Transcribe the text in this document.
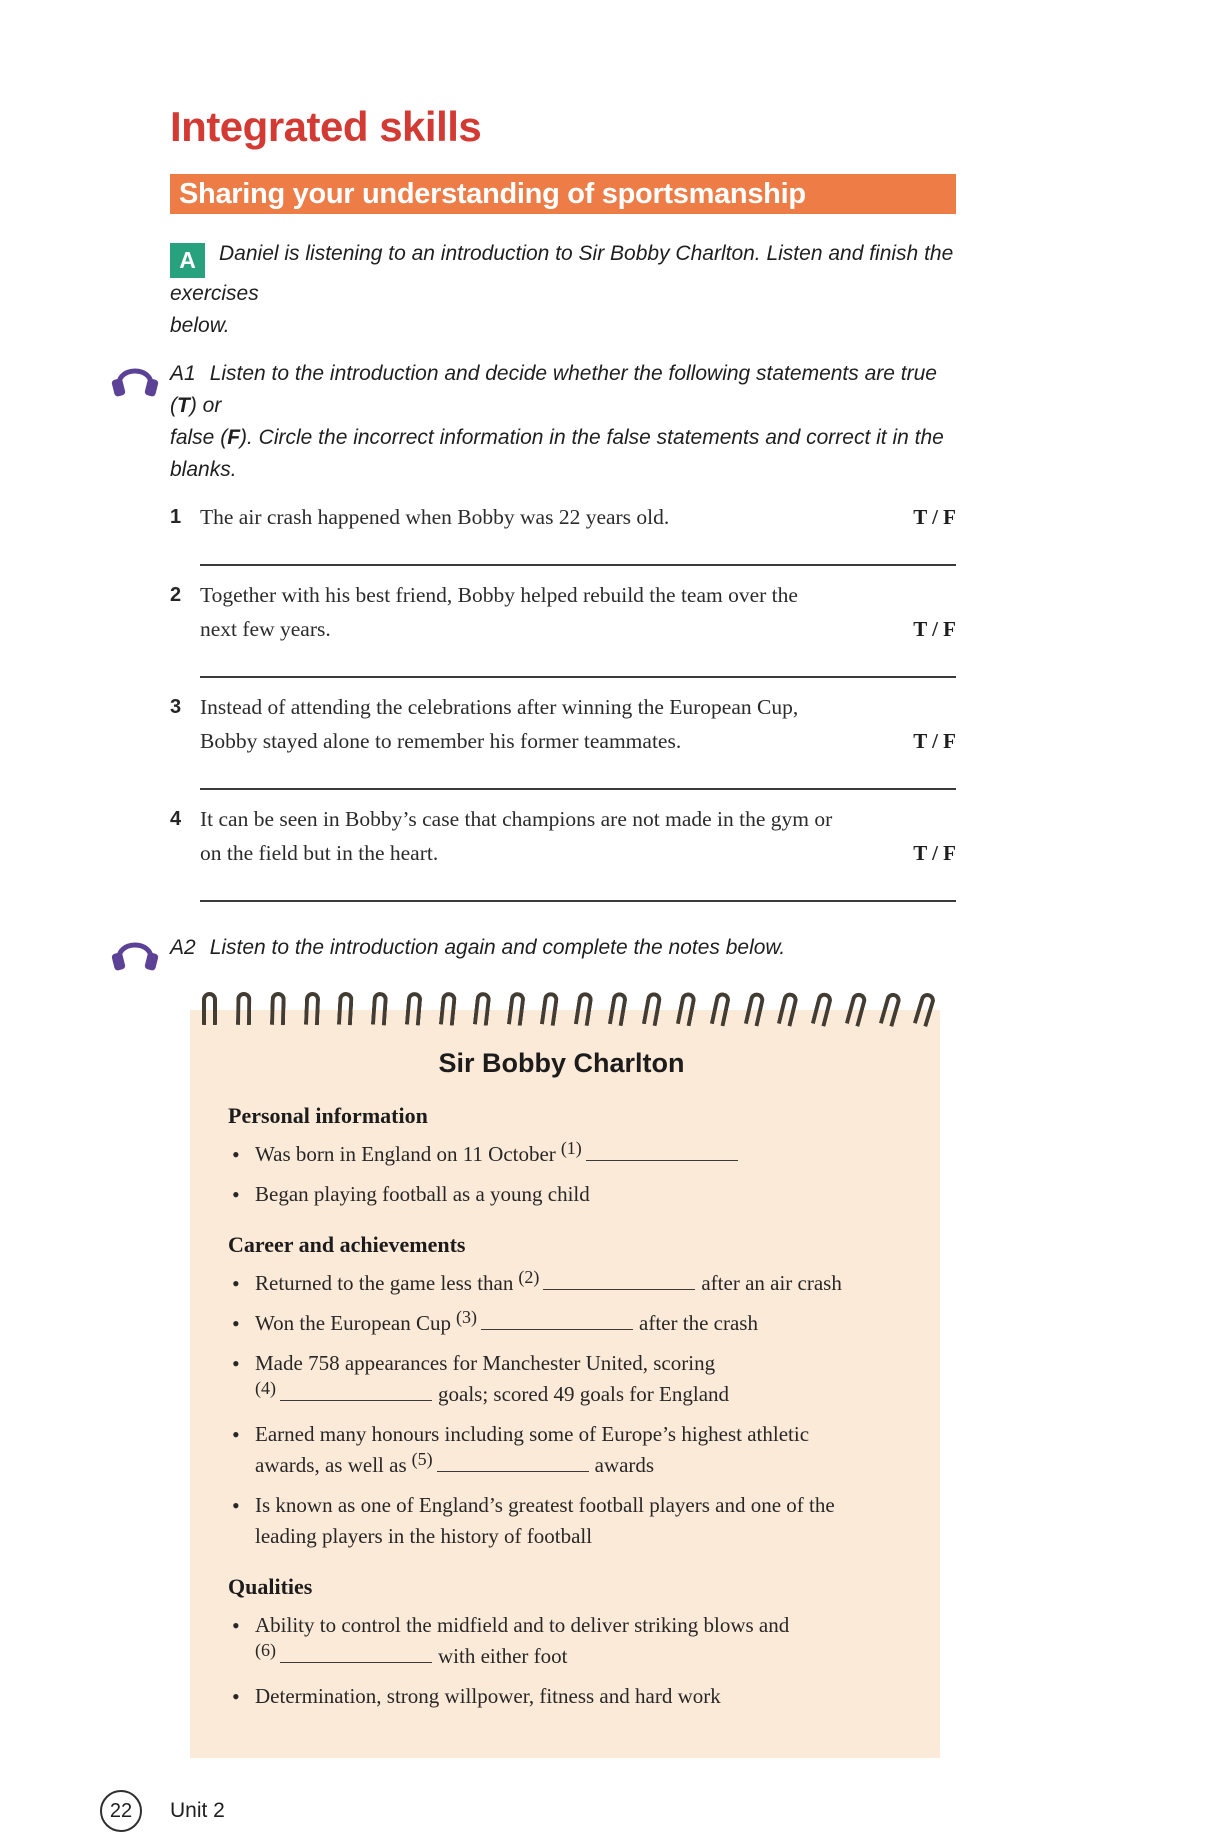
Integrated skills
Sharing your understanding of sportsmanship

A Daniel is listening to an introduction to Sir Bobby Charlton. Listen and finish the exercises
below.

A1 Listen to the introduction and decide whether the following statements are true (T) or
false (F). Circle the incorrect information in the false statements and correct it in the blanks.

1 The air crash happened when Bobby was 22 years old.	T / F
2 Together with his best friend, Bobby helped rebuild the team over the
next few years.	T / F
3 Instead of attending the celebrations after winning the European Cup,
Bobby stayed alone to remember his former teammates.	T / F
4 It can be seen in Bobby’s case that champions are not made in the gym or
on the field but in the heart.	T / F

A2 Listen to the introduction again and complete the notes below.

Sir Bobby Charlton
Personal information
• Was born in England on 11 October (1)
• Began playing football as a young child
Career and achievements
• Returned to the game less than (2)	after an air crash
• Won the European Cup (3)	after the crash
• Made 758 appearances for Manchester United, scoring
(4)	goals; scored 49 goals for England
• Earned many honours including some of Europe’s highest athletic
awards, as well as (5)	awards
• Is known as one of England’s greatest football players and one of the
leading players in the history of football
Qualities
• Ability to control the midfield and to deliver striking blows and
(6)	with either foot
• Determination, strong willpower, fitness and hard work
22 Unit 2
